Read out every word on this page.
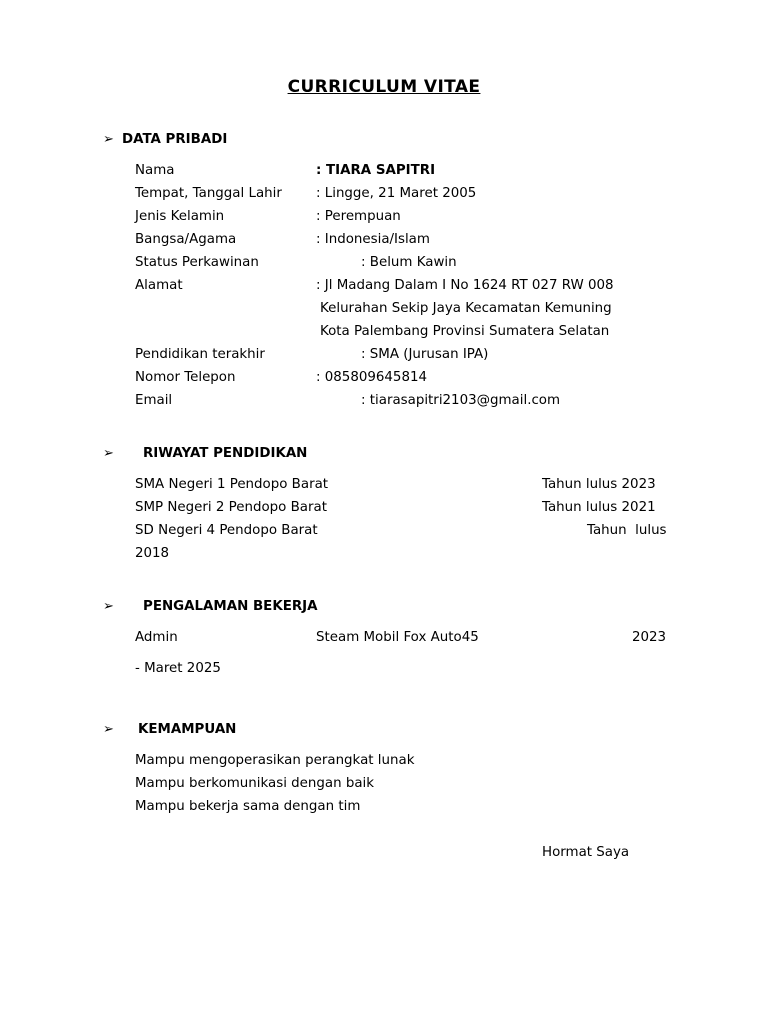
CURRICULUM VITAE
➢ DATA PRIBADI
Nama	: TIARA SAPITRI
Tempat, Tanggal Lahir	: Lingge, 21 Maret 2005
Jenis Kelamin	: Perempuan
Bangsa/Agama	: Indonesia/Islam
Status Perkawinan	: Belum Kawin
Alamat	: Jl Madang Dalam I No 1624 RT 027 RW 008
Kelurahan Sekip Jaya Kecamatan Kemuning
Kota Palembang Provinsi Sumatera Selatan
Pendidikan terakhir	: SMA (Jurusan IPA)
Nomor Telepon	: 085809645814
Email	: tiarasapitri2103@gmail.com
➢ RIWAYAT PENDIDIKAN
SMA Negeri 1 Pendopo Barat	Tahun lulus 2023
SMP Negeri 2 Pendopo Barat	Tahun lulus 2021
SD Negeri 4 Pendopo Barat	Tahun  lulus
2018
➢ PENGALAMAN BEKERJA
Admin	Steam Mobil Fox Auto45	2023
- Maret 2025
➢ KEMAMPUAN
Mampu mengoperasikan perangkat lunak
Mampu berkomunikasi dengan baik
Mampu bekerja sama dengan tim
Hormat Saya
